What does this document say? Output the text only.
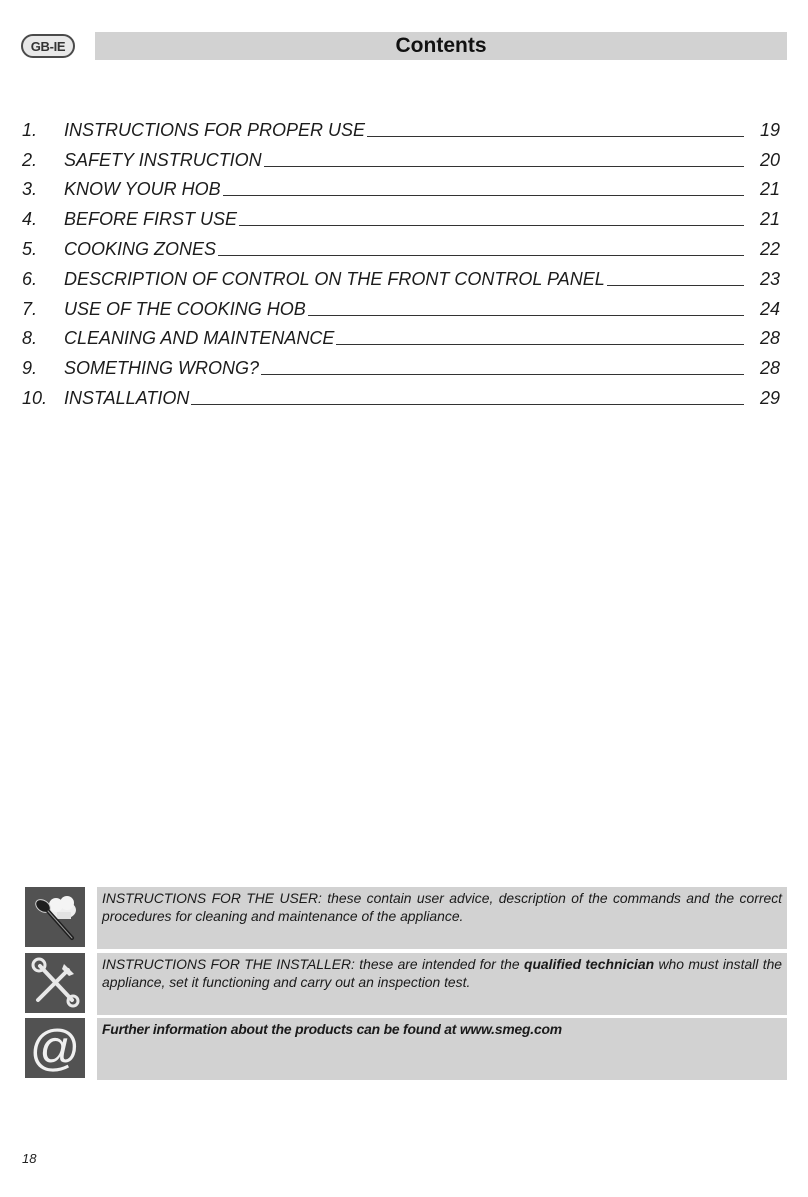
GB-IE	Contents
1.	INSTRUCTIONS FOR PROPER USE	19
2.	SAFETY INSTRUCTION	20
3.	KNOW YOUR HOB	21
4.	BEFORE FIRST USE	21
5.	COOKING ZONES	22
6.	DESCRIPTION OF CONTROL ON THE FRONT CONTROL PANEL	23
7.	USE OF THE COOKING HOB	24
8.	CLEANING AND MAINTENANCE	28
9.	SOMETHING WRONG?	28
10. INSTALLATION	29
INSTRUCTIONS FOR THE USER: these contain user advice, description of the commands and the correct procedures for cleaning and maintenance of the appliance.
INSTRUCTIONS FOR THE INSTALLER: these are intended for the qualified technician who must install the appliance, set it functioning and carry out an inspection test.
@	Further information about the products can be found at www.smeg.com
18
